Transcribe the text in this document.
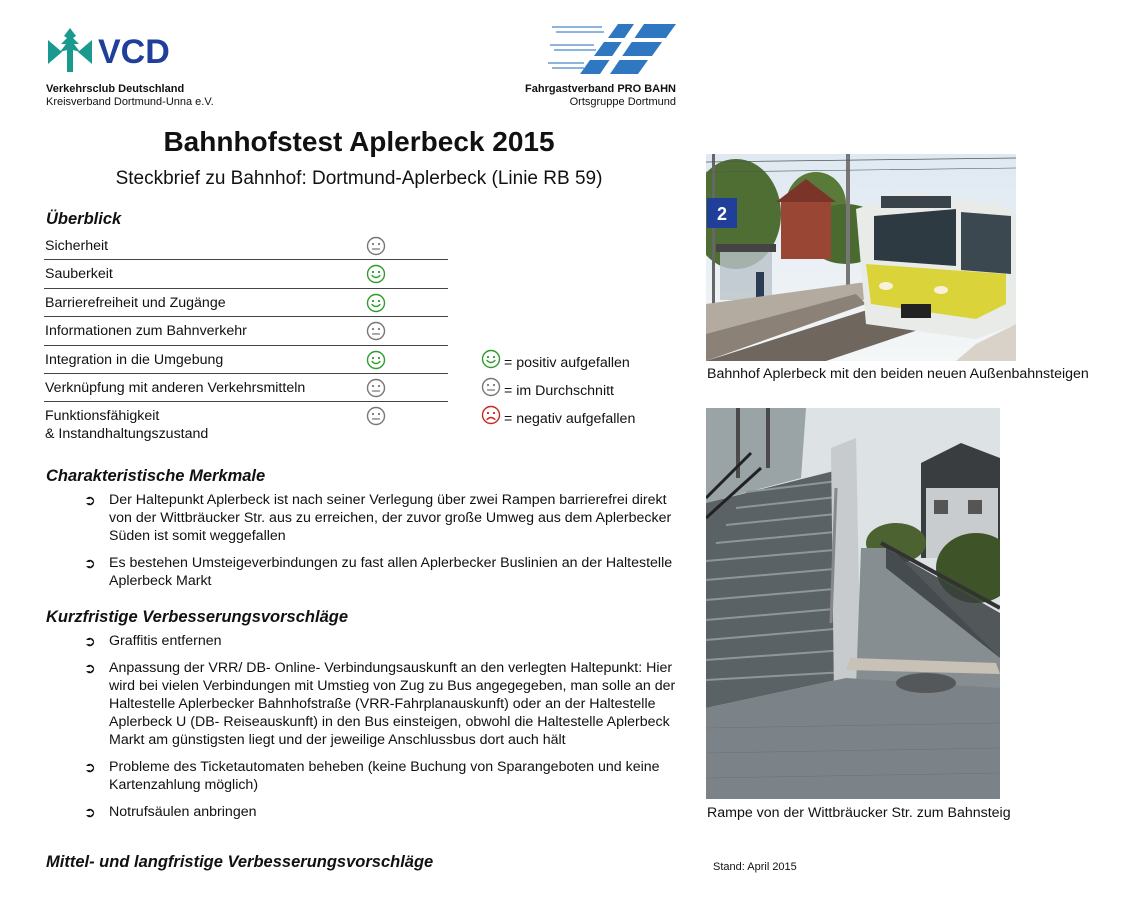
VCD
Verkehrsclub Deutschland
Kreisverband Dortmund-Unna e.V.
Fahrgastverband PRO BAHN
Ortsgruppe Dortmund
Bahnhofstest Aplerbeck 2015
Steckbrief zu Bahnhof: Dortmund-Aplerbeck (Linie RB 59)
Überblick
Sicherheit
Sauberkeit
Barrierefreiheit und Zugänge
Informationen zum Bahnverkehr
Integration in die Umgebung
Verknüpfung mit anderen Verkehrsmitteln
Funktionsfähigkeit
& Instandhaltungszustand
= positiv aufgefallen
= im Durchschnitt
= negativ aufgefallen
Charakteristische Merkmale
➲ Der Haltepunkt Aplerbeck ist nach seiner Verlegung über zwei Rampen barrierefrei direkt von der Wittbräucker Str. aus zu erreichen, der zuvor große Umweg aus dem Aplerbecker Süden ist somit weggefallen
➲ Es bestehen Umsteigeverbindungen zu fast allen Aplerbecker Buslinien an der Haltestelle Aplerbeck Markt
Kurzfristige Verbesserungsvorschläge
➲ Graffitis entfernen
➲ Anpassung der VRR/ DB- Online- Verbindungsauskunft an den verlegten Haltepunkt: Hier wird bei vielen Verbindungen mit Umstieg von Zug zu Bus angegegeben, man solle an der Haltestelle Aplerbecker Bahnhofstraße (VRR-Fahrplanauskunft) oder an der Haltestelle Aplerbeck U (DB- Reiseauskunft) in den Bus einsteigen, obwohl die Haltestelle Aplerbeck Markt am günstigsten liegt und der jeweilige Anschlussbus dort auch hält
➲ Probleme des Ticketautomaten beheben (keine Buchung von Sparangeboten und keine Kartenzahlung möglich)
➲ Notrufsäulen anbringen
Mittel- und langfristige Verbesserungsvorschläge
2
Bahnhof Aplerbeck mit den beiden neuen Außenbahnsteigen
Rampe von der Wittbräucker Str. zum Bahnsteig
Stand: April 2015
